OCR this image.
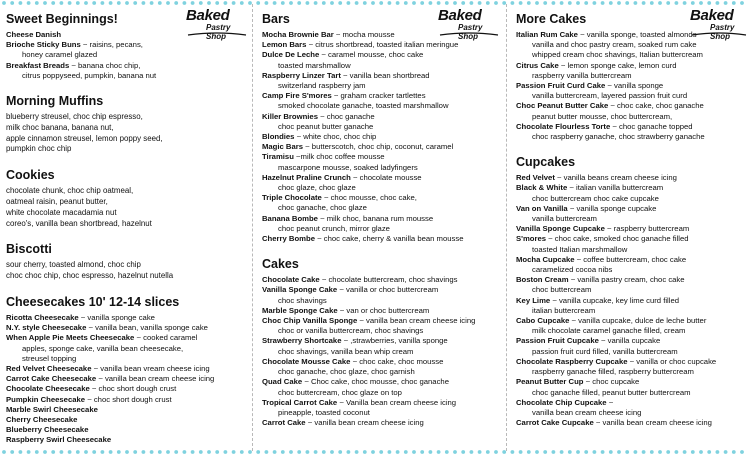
Baked
Pastry Shop
Baked
Pastry Shop
Baked
Pastry Shop
Sweet Beginnings!
Cheese Danish
Brioche Sticky Buns ~ raisins, pecans,
honey caramel glazed
Breakfast Breads ~ banana choc chip,
citrus poppyseed, pumpkin, banana nut
Morning Muffins
blueberry streusel, choc chip espresso,
milk choc banana, banana nut,
apple cinnamon streusel, lemon poppy seed,
pumpkin choc chip
Cookies
chocolate chunk, choc chip oatmeal,
oatmeal raisin, peanut butter,
white chocolate macadamia nut
coreo's, vanilla bean shortbread, hazelnut
Biscotti
sour cherry, toasted almond, choc chip
choc choc chip, choc espresso, hazelnut nutella
Cheesecakes 10' 12-14 slices
Ricotta Cheesecake ~ vanilla sponge cake
N.Y. style Cheesecake ~ vanilla bean, vanilla sponge cake
When Apple Pie Meets Cheesecake ~ cooked caramel
apples, sponge cake, vanilla bean cheesecake,
streusel topping
Red Velvet Cheesecake ~ vanilla bean vream cheese icing
Carrot Cake Cheesecake ~ vanilla bean cream cheese icing
Chocolate Cheesecake ~ choc short dough crust
Pumpkin Cheesecake ~ choc short dough crust
Marble Swirl Cheesecake
Cherry Cheesecake
Blueberry Cheesecake
Raspberry Swirl Cheesecake
Bars
Mocha Brownie Bar ~ mocha mousse
Lemon Bars ~ citrus shortbread, toasted italian meringue
Dulce De Leche ~ caramel mousse, choc cake
toasted marshmallow
Raspberry Linzer Tart ~ vanilla bean shortbread
switzerland raspberry jam
Camp Fire S'mores ~ graham cracker tartlettes
smoked chocolate ganache, toasted marshmallow
Killer Brownies ~ choc ganache
choc peanut butter ganache
Blondies ~ white choc, choc chip
Magic Bars ~ butterscotch, choc chip, coconut, caramel
Tiramisu ~milk choc coffee mousse
mascarpone mousse, soaked ladyfingers
Hazelnut Praline Crunch ~ chocolate mousse
choc glaze, choc glaze
Triple Chocolate ~ choc mousse, choc cake,
choc ganache, choc glaze
Banana Bombe ~ milk choc, banana rum mousse
choc peanut crunch, mirror glaze
Cherry Bombe ~ choc cake, cherry & vanilla bean mousse
Cakes
Chocolate Cake ~ chocolate buttercream, choc shavings
Vanilla Sponge Cake ~ vanilla or choc buttercream
choc shavings
Marble Sponge Cake ~ van or choc buttercream
Choc Chip Vanilla Sponge ~ vanilla bean cream cheese icing
choc or vanilla buttercream, choc shavings
Strawberry Shortcake ~ ,strawberries, vanilla sponge
choc shavings, vanilla bean whip cream
Chocolate Mousse Cake ~ choc cake, choc mousse
choc ganache, choc glaze, choc garnish
Quad Cake ~ Choc cake, choc mousse, choc ganache
choc buttercream, choc glaze on top
Tropical Carrot Cake ~ Vanilla bean cream cheese icing
pineapple, toasted coconut
Carrot Cake ~ vanilla bean cream cheese icing
More Cakes
Italian Rum Cake ~ vanilla sponge, toasted almonds
vanilla and choc pastry cream, soaked rum cake
whipped cream choc shavings, Italian buttercream
Citrus Cake ~ lemon sponge cake, lemon curd
raspberry vanilla buttercream
Passion Fruit Curd Cake ~ vanilla sponge
vanilla buttercream, layered passion fruit curd
Choc Peanut Butter Cake ~ choc cake, choc ganache
peanut butter mousse, choc buttercream,
Chocolate Flourless Torte ~ choc ganache topped
choc raspberry ganache, choc strawberry ganache
Cupcakes
Red Velvet ~ vanilla beans cream cheese icing
Black & White ~ italian vanilla buttercream
choc buttercream choc cake cupcake
Van on Vanilla ~ vanilla sponge cupcake
vanilla buttercream
Vanilla Sponge Cupcake ~ raspberry buttercream
S'mores ~ choc cake, smoked choc ganache filled
toasted Italian marshmallow
Mocha Cupcake ~ coffee buttercream, choc cake
caramelized cocoa nibs
Boston Cream ~ vanilla pastry cream, choc cake
choc buttercream
Key Lime ~ vanilla cupcake, key lime curd filled
italian buttercream
Cabo Cupcake ~ vanilla cupcake, dulce de leche butter
milk chocolate caramel ganache filled, cream
Passion Fruit Cupcake ~ vanilla cupcake
passion fruit curd filled, vanilla buttercream
Chocolate Raspberry Cupcake ~ vanilla or choc cupcake
raspberry ganache filled, raspberry buttercream
Peanut Butter Cup ~ choc cupcake
choc ganache filled, peanut butter buttercream
Chocolate Chip Cupcake ~
vanilla bean cream cheese icing
Carrot Cake Cupcake ~ vanilla bean cream cheese icing
